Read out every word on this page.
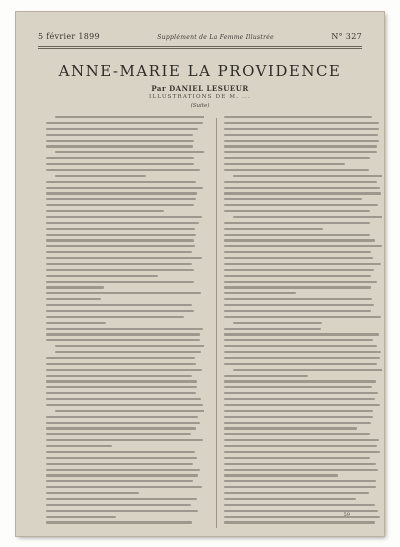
5 février 1899	Supplément de La Femme Illustrée	N° 327
ANNE-MARIE LA PROVIDENCE
Par DANIEL LESUEUR
ILLUSTRATIONS DE M. ...
(Suite)
59
